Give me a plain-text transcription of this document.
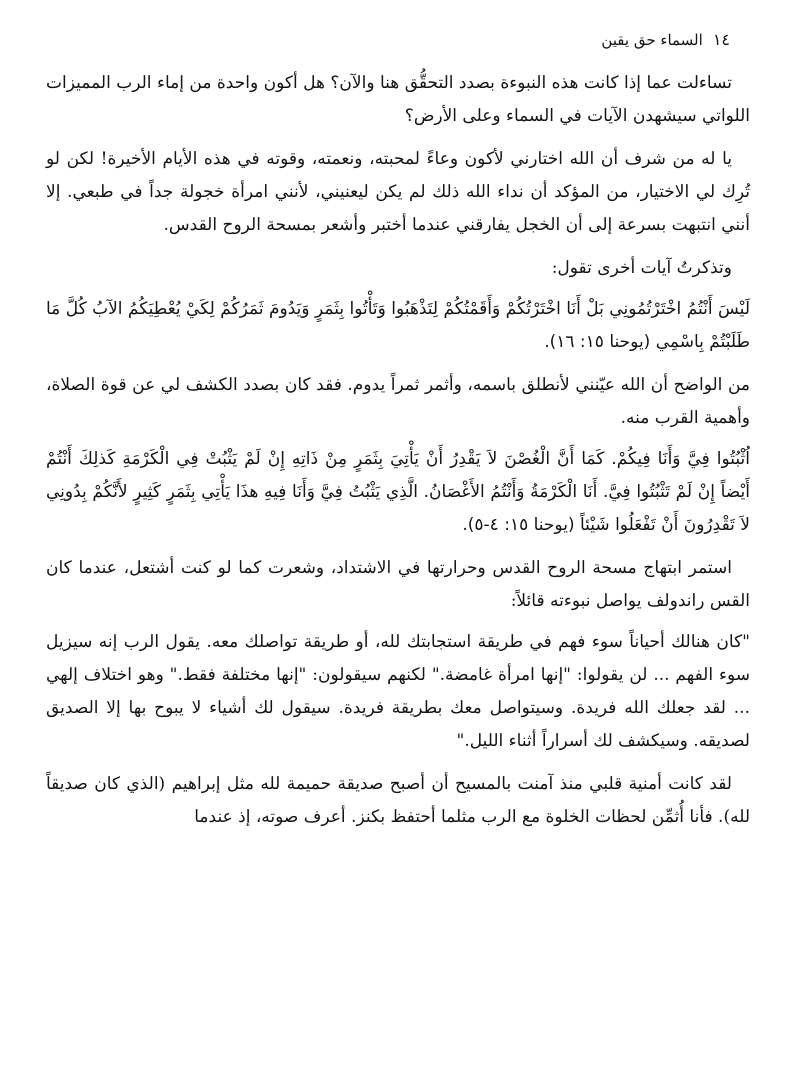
١٤
السماء حق يقين

تساءلت عما إذا كانت هذه النبوءة بصدد التحقُّق هنا والآن؟ هل أكون واحدة من إماء الرب المميزات اللواتي سيشهدن الآيات في السماء وعلى الأرض؟

يا له من شرف أن الله اختارني لأكون وعاءً لمحبته، ونعمته، وقوته في هذه الأيام الأخيرة! لكن لو تُرِك لي الاختيار، من المؤكد أن نداء الله ذلك لم يكن ليعنيني، لأنني امرأة خجولة جداً في طبعي. إلا أنني انتبهت بسرعة إلى أن الخجل يفارقني عندما أختبر وأشعر بمسحة الروح القدس.

وتذكرتُ آيات أخرى تقول:

لَيْسَ أَنْتُمُ اخْتَرْتُمُونِي بَلْ أَنَا اخْتَرْتُكُمْ وَأَقَمْتُكُمْ لِتَذْهَبُوا وَتَأْتُوا بِثَمَرٍ وَيَدُومَ ثَمَرُكُمْ لِكَيْ يُعْطِيَكُمُ الآبُ كُلَّ مَا طَلَبْتُمْ بِاسْمِي (يوحنا ١٥: ١٦).

من الواضح أن الله عيّنني لأنطلق باسمه، وأثمر ثمراً يدوم. فقد كان بصدد الكشف لي عن قوة الصلاة، وأهمية القرب منه.

اُثْبُتُوا فِيَّ وَأَنَا فِيكُمْ. كَمَا أَنَّ الْغُصْنَ لاَ يَقْدِرُ أَنْ يَأْتِيَ بِثَمَرٍ مِنْ ذَاتِهِ إِنْ لَمْ يَثْبُتْ فِي الْكَرْمَةِ كَذلِكَ أَنْتُمْ أَيْضاً إِنْ لَمْ تَثْبُتُوا فِيَّ. أَنَا الْكَرْمَةُ وَأَنْتُمُ الأَغْصَانُ. الَّذِي يَثْبُتُ فِيَّ وَأَنَا فِيهِ هذَا يَأْتِي بِثَمَرٍ كَثِيرٍ لأَنَّكُمْ بِدُونِي لاَ تَقْدِرُونَ أَنْ تَفْعَلُوا شَيْئاً (يوحنا ١٥: ٤-٥).

استمر ابتهاج مسحة الروح القدس وحرارتها في الاشتداد، وشعرت كما لو كنت أشتعل، عندما كان القس راندولف يواصل نبوءته قائلاً:

"كان هنالك أحياناً سوء فهم في طريقة استجابتك لله، أو طريقة تواصلك معه. يقول الرب إنه سيزيل سوء الفهم ... لن يقولوا: "إنها امرأة غامضة." لكنهم سيقولون: "إنها مختلفة فقط." وهو اختلاف إلهي ... لقد جعلك الله فريدة. وسيتواصل معك بطريقة فريدة. سيقول لك أشياء لا يبوح بها إلا الصديق لصديقه. وسيكشف لك أسراراً أثناء الليل."

لقد كانت أمنية قلبي منذ آمنت بالمسيح أن أصبح صديقة حميمة لله مثل إبراهيم (الذي كان صديقاً لله). فأنا أُثمِّن لحظات الخلوة مع الرب مثلما أحتفظ بكنز. أعرف صوته، إذ عندما
